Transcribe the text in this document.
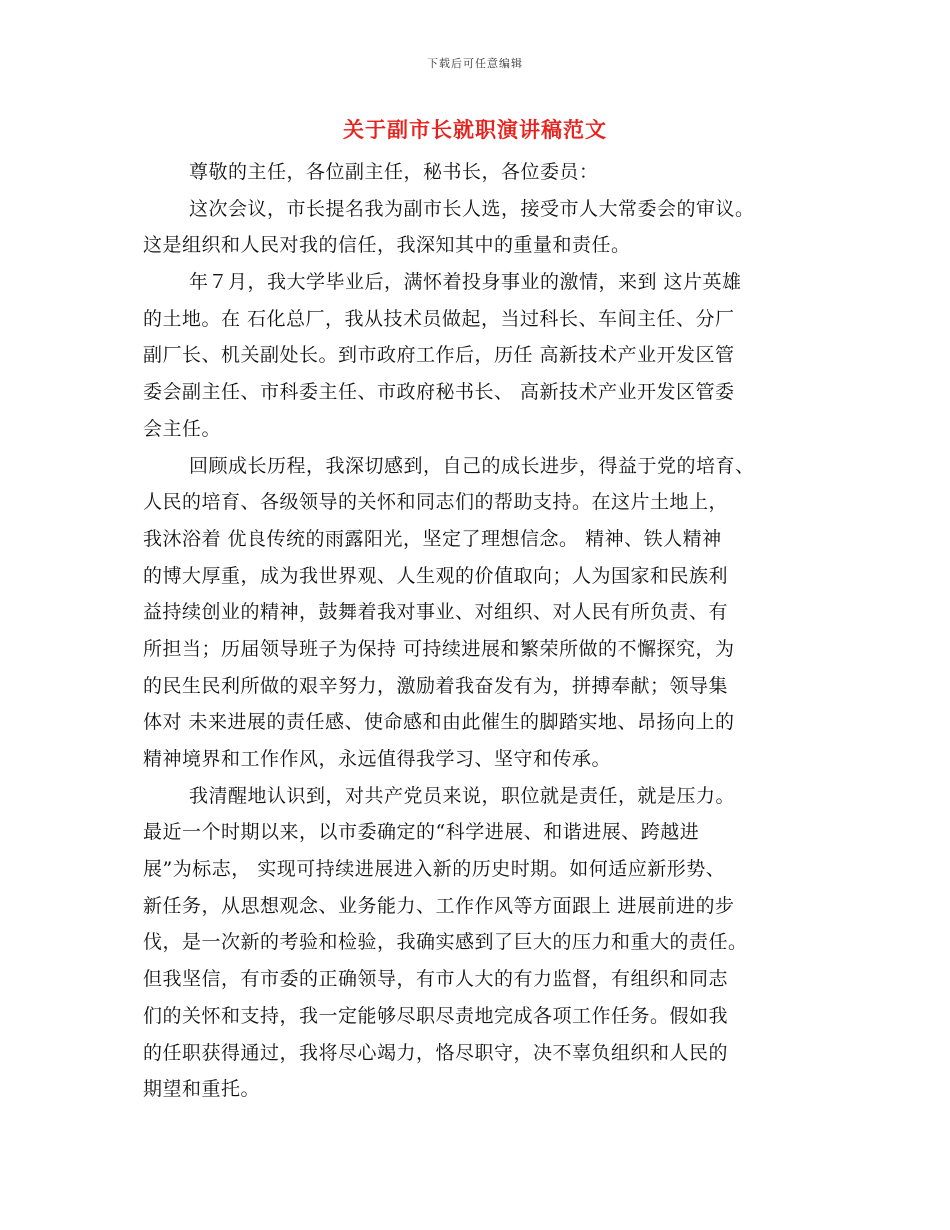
下载后可任意编辑
关于副市长就职演讲稿范文
尊敬的主任，各位副主任，秘书长，各位委员：
这次会议，市长提名我为副市长人选，接受市人大常委会的审议。
这是组织和人民对我的信任，我深知其中的重量和责任。
年７月，我大学毕业后，满怀着投身事业的激情，来到 这片英雄
的土地。在 石化总厂，我从技术员做起，当过科长、车间主任、分厂
副厂长、机关副处长。到市政府工作后，历任 高新技术产业开发区管
委会副主任、市科委主任、市政府秘书长、 高新技术产业开发区管委
会主任。
回顾成长历程，我深切感到，自己的成长进步，得益于党的培育、
人民的培育、各级领导的关怀和同志们的帮助支持。在这片土地上，
我沐浴着 优良传统的雨露阳光，坚定了理想信念。 精神、铁人精神
的博大厚重，成为我世界观、人生观的价值取向；人为国家和民族利
益持续创业的精神，鼓舞着我对事业、对组织、对人民有所负责、有
所担当；历届领导班子为保持 可持续进展和繁荣所做的不懈探究，为
的民生民利所做的艰辛努力，激励着我奋发有为，拼搏奉献；领导集
体对 未来进展的责任感、使命感和由此催生的脚踏实地、昂扬向上的
精神境界和工作作风，永远值得我学习、坚守和传承。
我清醒地认识到，对共产党员来说，职位就是责任，就是压力。
最近一个时期以来，以市委确定的“科学进展、和谐进展、跨越进
展”为标志， 实现可持续进展进入新的历史时期。如何适应新形势、
新任务，从思想观念、业务能力、工作作风等方面跟上 进展前进的步
伐，是一次新的考验和检验，我确实感到了巨大的压力和重大的责任。
但我坚信，有市委的正确领导，有市人大的有力监督，有组织和同志
们的关怀和支持，我一定能够尽职尽责地完成各项工作任务。假如我
的任职获得通过，我将尽心竭力，恪尽职守，决不辜负组织和人民的
期望和重托。
